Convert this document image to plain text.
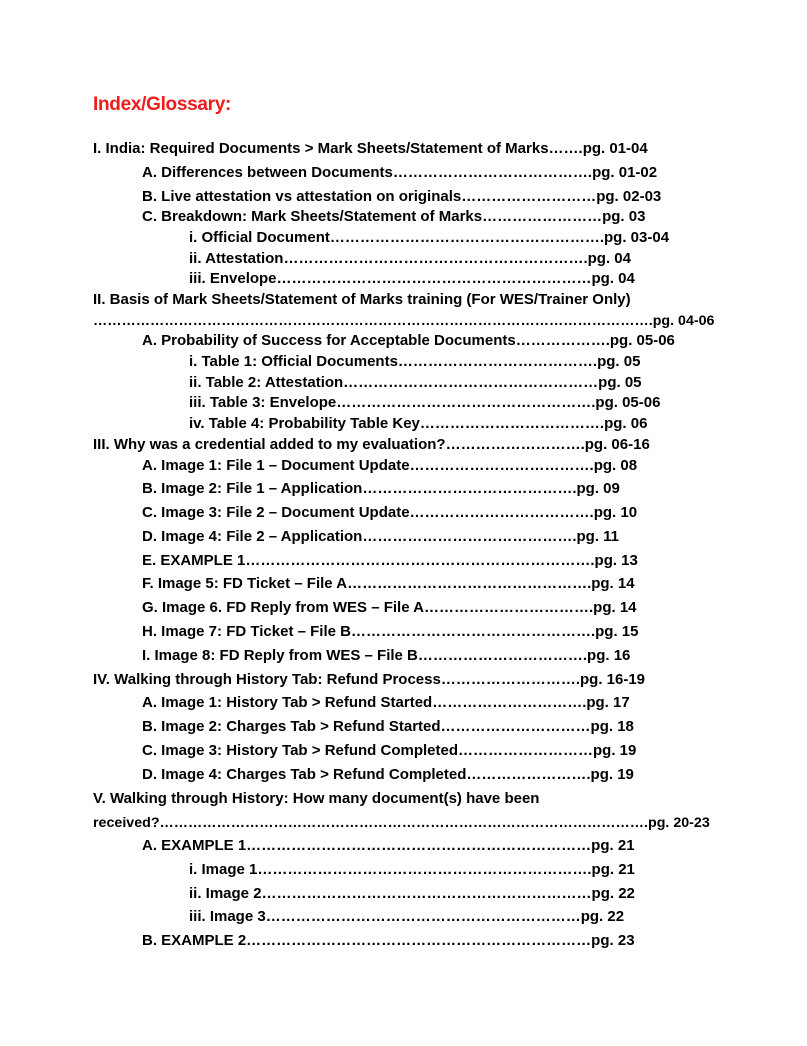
Index/Glossary:
I. India: Required Documents > Mark Sheets/Statement of Marks…….pg. 01-04
A. Differences between Documents………………………………….pg. 01-02
B. Live attestation vs attestation on originals………………………pg. 02-03
C. Breakdown: Mark Sheets/Statement of Marks……………………pg. 03
i. Official Document……………………………………………….pg. 03-04
ii. Attestation…………………………………………………….pg. 04
iii. Envelope………………………………………………………pg. 04
II. Basis of Mark Sheets/Statement of Marks training (For WES/Trainer Only)
……………………………………………………………………………………………………….pg. 04-06
A. Probability of Success for Acceptable Documents……………….pg. 05-06
i. Table 1: Official Documents………………………………….pg. 05
ii. Table 2: Attestation……………………………………………pg. 05
iii. Table 3: Envelope…………………………………………….pg. 05-06
iv. Table 4: Probability Table Key……………………………….pg. 06
III. Why was a credential added to my evaluation?……………………….pg. 06-16
A. Image 1: File 1 – Document Update……………………………….pg. 08
B. Image 2: File 1 – Application…………………………………….pg. 09
C. Image 3: File 2 – Document Update……………………………….pg. 10
D. Image 4: File 2 – Application…………………………………….pg. 11
E. EXAMPLE 1…………………………………………………………….pg. 13
F. Image 5: FD Ticket – File A………………………………………….pg. 14
G. Image 6. FD Reply from WES – File A…………………………….pg. 14
H. Image 7: FD Ticket – File B………………………………………….pg. 15
I. Image 8: FD Reply from WES – File B…………………………….pg. 16
IV. Walking through History Tab: Refund Process……………………….pg. 16-19
A. Image 1: History Tab > Refund Started………………………….pg. 17
B. Image 2: Charges Tab > Refund Started…………………………pg. 18
C. Image 3: History Tab > Refund Completed………………………pg. 19
D. Image 4: Charges Tab > Refund Completed…………………….pg. 19
V. Walking through History: How many document(s) have been
received?………………………………………………………………………………………….pg. 20-23
A. EXAMPLE 1……………………………………………………………pg. 21
i. Image 1………………………………………………………….pg. 21
ii. Image 2…………………………………………………………pg. 22
iii. Image 3………………………………………………………pg. 22
B. EXAMPLE 2……………………………………………………………pg. 23
